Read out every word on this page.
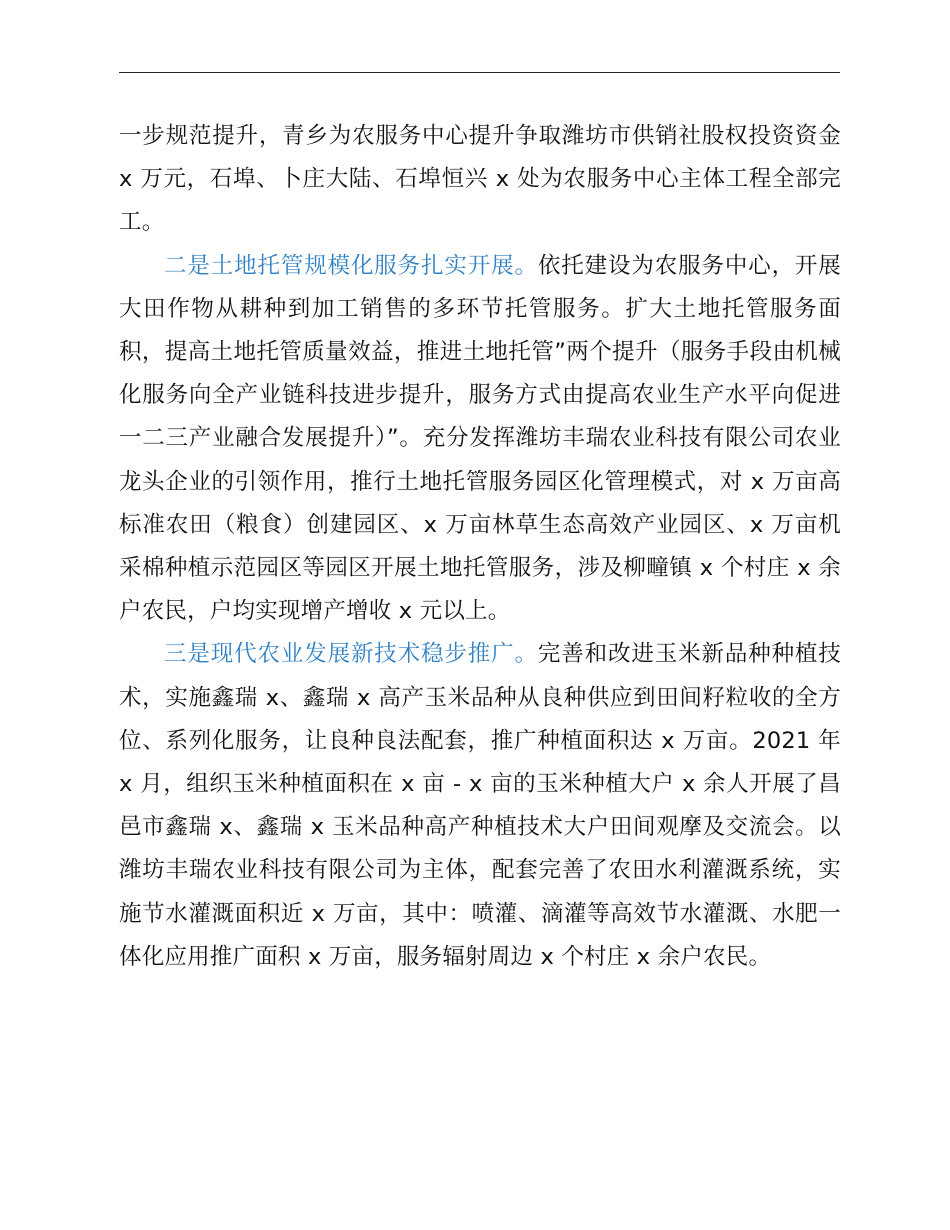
一步规范提升，青乡为农服务中心提升争取潍坊市供销社股权投资资金 x 万元，石埠、卜庄大陆、石埠恒兴 x 处为农服务中心主体工程全部完工。

二是土地托管规模化服务扎实开展。依托建设为农服务中心，开展大田作物从耕种到加工销售的多环节托管服务。扩大土地托管服务面积，提高土地托管质量效益，推进土地托管”两个提升（服务手段由机械化服务向全产业链科技进步提升，服务方式由提高农业生产水平向促进一二三产业融合发展提升）”。充分发挥潍坊丰瑞农业科技有限公司农业龙头企业的引领作用，推行土地托管服务园区化管理模式，对 x 万亩高标准农田（粮食）创建园区、x 万亩林草生态高效产业园区、x 万亩机采棉种植示范园区等园区开展土地托管服务，涉及柳疃镇 x 个村庄 x 余户农民，户均实现增产增收 x 元以上。

三是现代农业发展新技术稳步推广。完善和改进玉米新品种种植技术，实施鑫瑞 x、鑫瑞 x 高产玉米品种从良种供应到田间籽粒收的全方位、系列化服务，让良种良法配套，推广种植面积达 x 万亩。2021 年 x 月，组织玉米种植面积在 x 亩 - x 亩的玉米种植大户 x 余人开展了昌邑市鑫瑞 x、鑫瑞 x 玉米品种高产种植技术大户田间观摩及交流会。以潍坊丰瑞农业科技有限公司为主体，配套完善了农田水利灌溉系统，实施节水灌溉面积近 x 万亩，其中：喷灌、滴灌等高效节水灌溉、水肥一体化应用推广面积 x 万亩，服务辐射周边 x 个村庄 x 余户农民。
